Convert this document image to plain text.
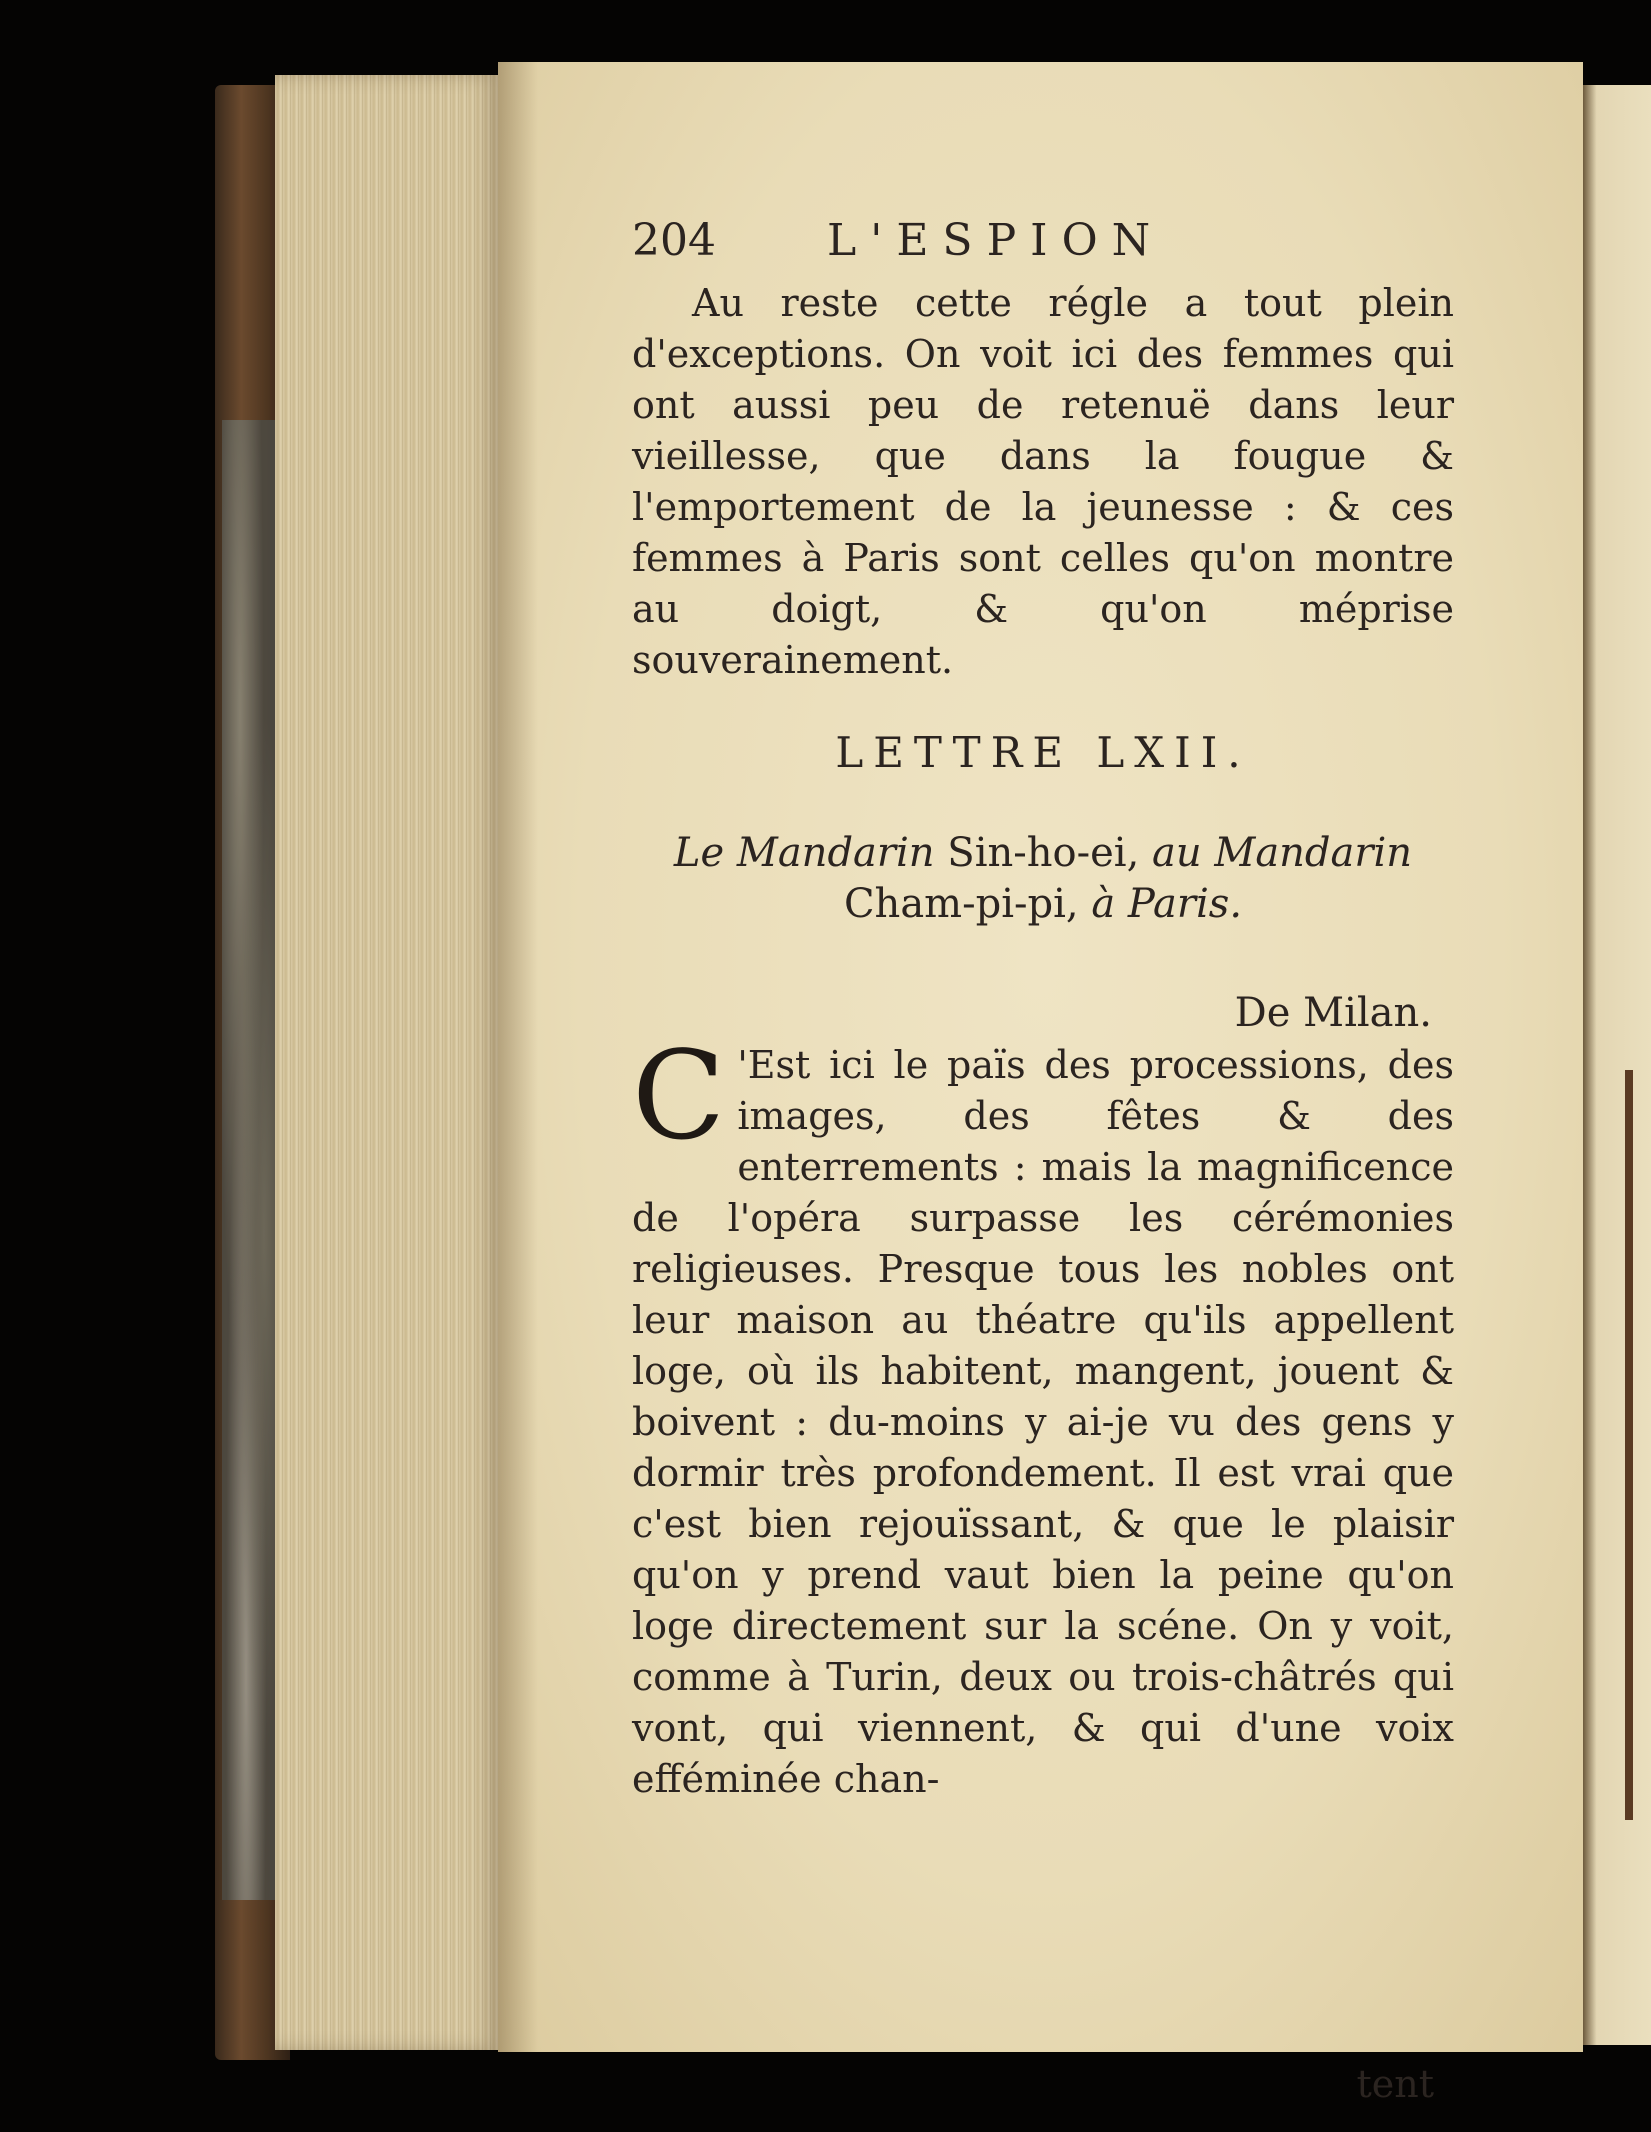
204	L'ESPION
Au reste cette régle a tout plein d'exceptions. On voit ici des femmes qui ont aussi peu de retenuë dans leur vieillesse, que dans la fougue & l'emportement de la jeunesse : & ces femmes à Paris sont celles qu'on montre au doigt, & qu'on méprise souverainement.
LETTRE LXII.
Le Mandarin Sin-ho-ei, au Mandarin
Cham-pi-pi, à Paris.
De Milan.
C 'Est ici le païs des processions, des images, des fêtes & des enterrements : mais la magnificence de l'opéra surpasse les cérémonies religieuses. Presque tous les nobles ont leur maison au théatre qu'ils appellent loge, où ils habitent, mangent, jouent & boivent : du-moins y ai-je vu des gens y dormir très profondement. Il est vrai que c'est bien rejouïssant, & que le plaisir qu'on y prend vaut bien la peine qu'on loge directement sur la scéne. On y voit, comme à Turin, deux ou trois-châtrés qui vont, qui viennent, & qui d'une voix efféminée chan-
tent
